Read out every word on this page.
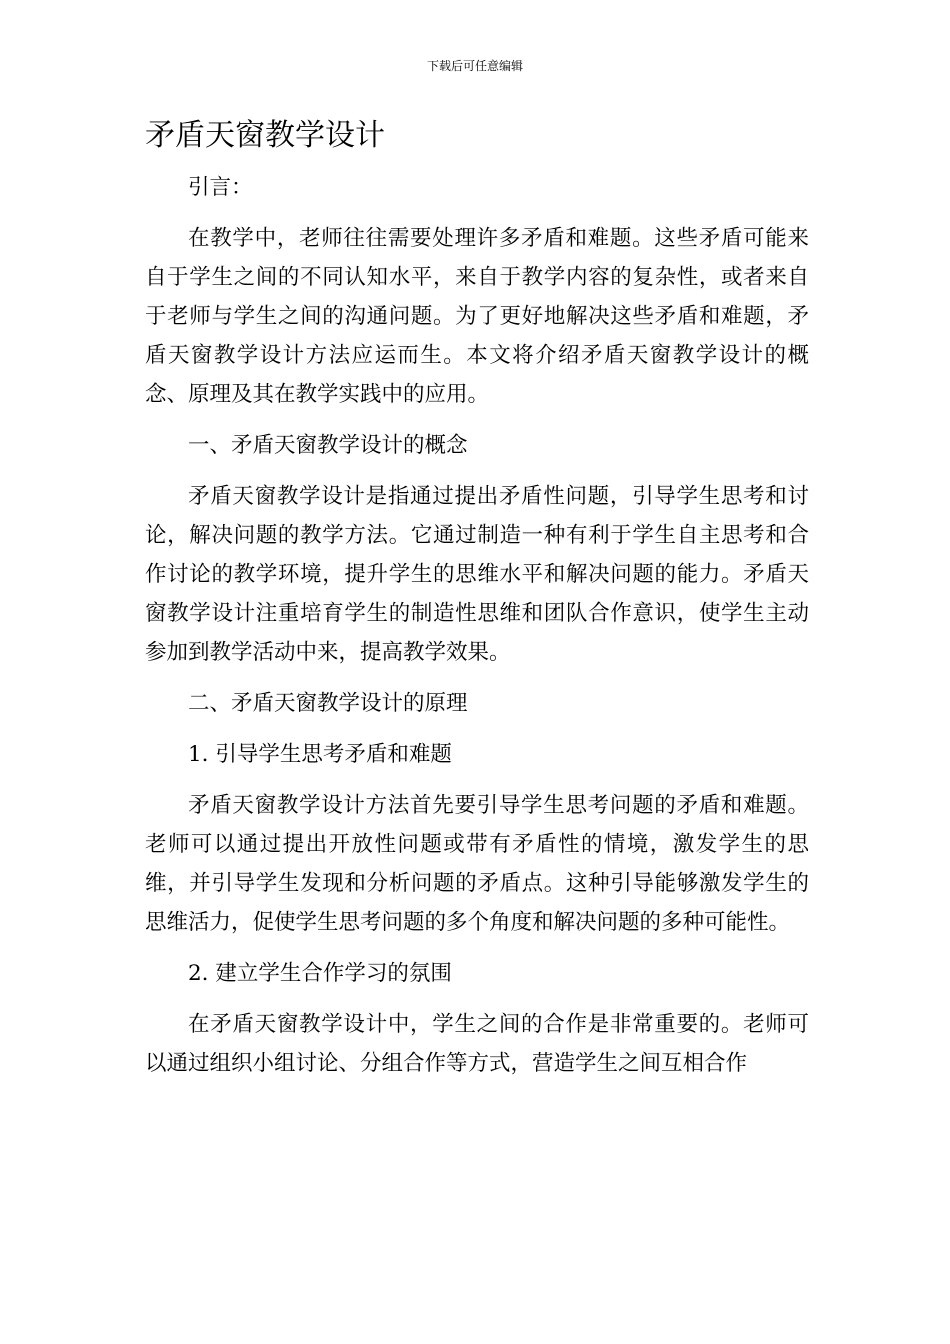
下载后可任意编辑
矛盾天窗教学设计

引言：

在教学中，老师往往需要处理许多矛盾和难题。这些矛盾可能来自于学生之间的不同认知水平，来自于教学内容的复杂性，或者来自于老师与学生之间的沟通问题。为了更好地解决这些矛盾和难题，矛盾天窗教学设计方法应运而生。本文将介绍矛盾天窗教学设计的概念、原理及其在教学实践中的应用。

一、矛盾天窗教学设计的概念

矛盾天窗教学设计是指通过提出矛盾性问题，引导学生思考和讨论，解决问题的教学方法。它通过制造一种有利于学生自主思考和合作讨论的教学环境，提升学生的思维水平和解决问题的能力。矛盾天窗教学设计注重培育学生的制造性思维和团队合作意识，使学生主动参加到教学活动中来，提高教学效果。

二、矛盾天窗教学设计的原理

1. 引导学生思考矛盾和难题

矛盾天窗教学设计方法首先要引导学生思考问题的矛盾和难题。老师可以通过提出开放性问题或带有矛盾性的情境，激发学生的思维，并引导学生发现和分析问题的矛盾点。这种引导能够激发学生的思维活力，促使学生思考问题的多个角度和解决问题的多种可能性。

2. 建立学生合作学习的氛围

在矛盾天窗教学设计中，学生之间的合作是非常重要的。老师可以通过组织小组讨论、分组合作等方式，营造学生之间互相合作
